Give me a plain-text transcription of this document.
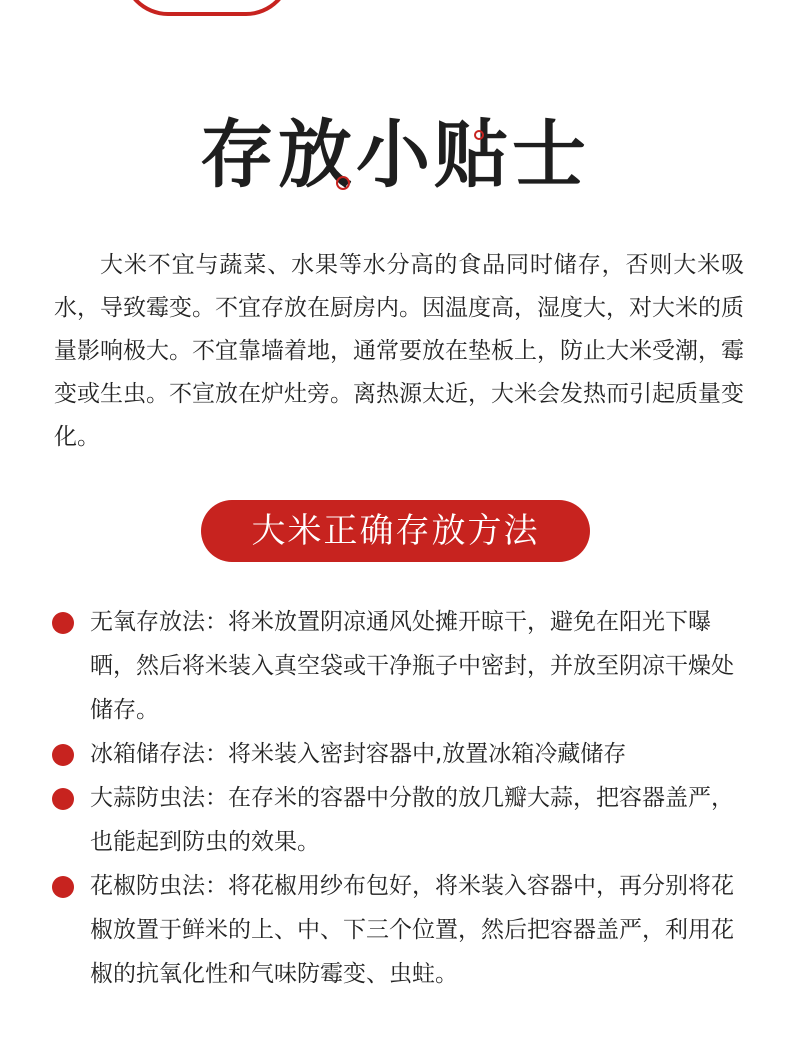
存放小贴士

大米不宜与蔬菜、水果等水分高的食品同时储存，否则大米吸水，导致霉变。不宜存放在厨房内。因温度高，湿度大，对大米的质量影响极大。不宜靠墙着地，通常要放在垫板上，防止大米受潮，霉变或生虫。不宣放在炉灶旁。离热源太近，大米会发热而引起质量变化。

大米正确存放方法
无氧存放法：将米放置阴凉通风处摊开晾干，避免在阳光下曝晒，然后将米装入真空袋或干净瓶子中密封，并放至阴凉干燥处储存。
冰箱储存法：将米装入密封容器中,放置冰箱冷藏储存
大蒜防虫法：在存米的容器中分散的放几瓣大蒜，把容器盖严，也能起到防虫的效果。
花椒防虫法：将花椒用纱布包好，将米装入容器中，再分别将花椒放置于鲜米的上、中、下三个位置，然后把容器盖严，利用花椒的抗氧化性和气味防霉变、虫蛀。
